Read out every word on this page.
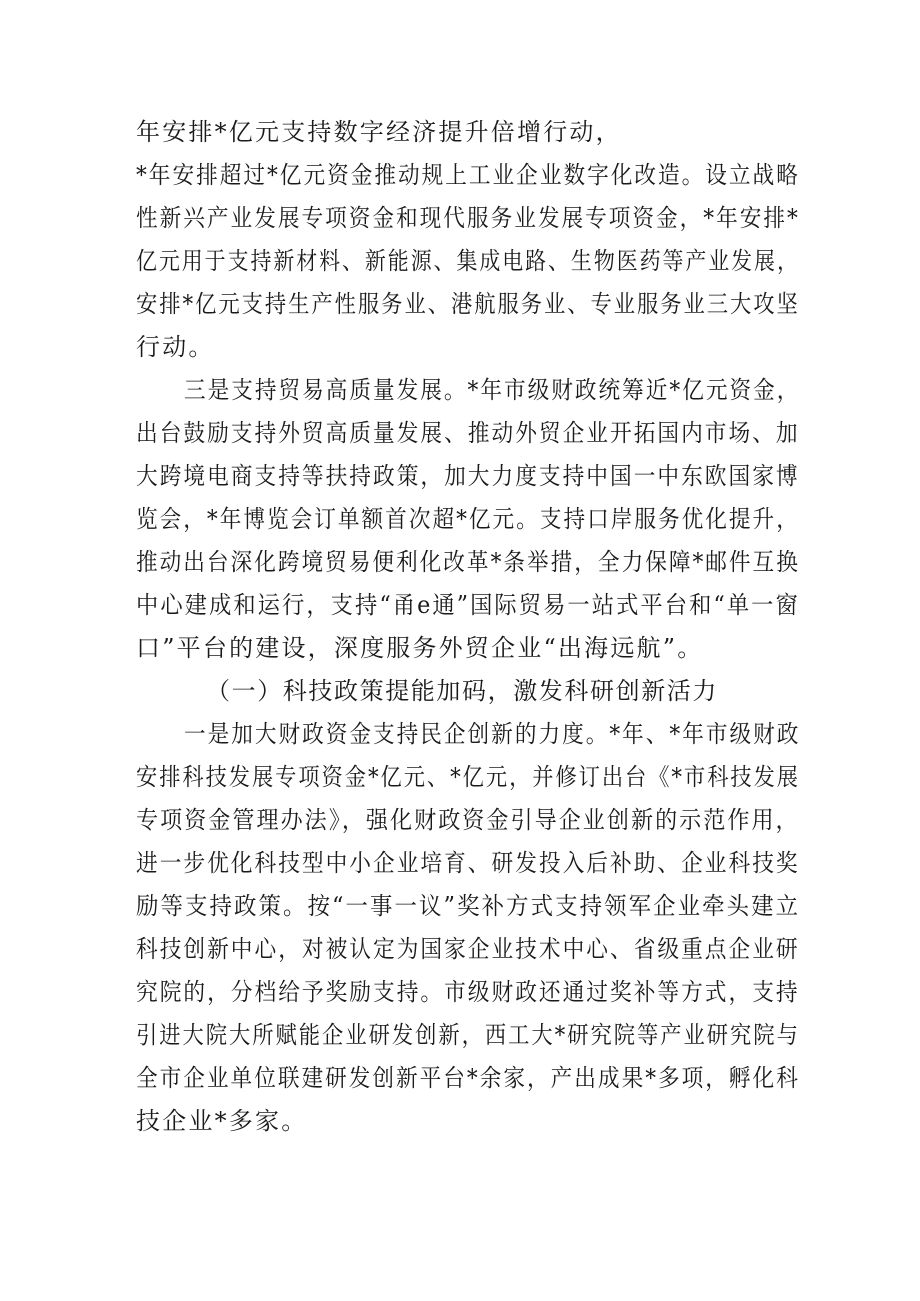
年安排*亿元支持数字经济提升倍增行动，
*年安排超过*亿元资金推动规上工业企业数字化改造。设立战略
性新兴产业发展专项资金和现代服务业发展专项资金，*年安排*
亿元用于支持新材料、新能源、集成电路、生物医药等产业发展，
安排*亿元支持生产性服务业、港航服务业、专业服务业三大攻坚
行动。
三是支持贸易高质量发展。*年市级财政统筹近*亿元资金，
出台鼓励支持外贸高质量发展、推动外贸企业开拓国内市场、加
大跨境电商支持等扶持政策，加大力度支持中国一中东欧国家博
览会，*年博览会订单额首次超*亿元。支持口岸服务优化提升，
推动出台深化跨境贸易便利化改革*条举措，全力保障*邮件互换
中心建成和运行，支持“甬e通”国际贸易一站式平台和“单一窗
口”平台的建设，深度服务外贸企业“出海远航”。
（一）科技政策提能加码，激发科研创新活力
一是加大财政资金支持民企创新的力度。*年、*年市级财政
安排科技发展专项资金*亿元、*亿元，并修订出台《*市科技发展
专项资金管理办法》，强化财政资金引导企业创新的示范作用，
进一步优化科技型中小企业培育、研发投入后补助、企业科技奖
励等支持政策。按“一事一议”奖补方式支持领军企业牵头建立
科技创新中心，对被认定为国家企业技术中心、省级重点企业研
究院的，分档给予奖励支持。市级财政还通过奖补等方式，支持
引进大院大所赋能企业研发创新，西工大*研究院等产业研究院与
全市企业单位联建研发创新平台*余家，产出成果*多项，孵化科
技企业*多家。
